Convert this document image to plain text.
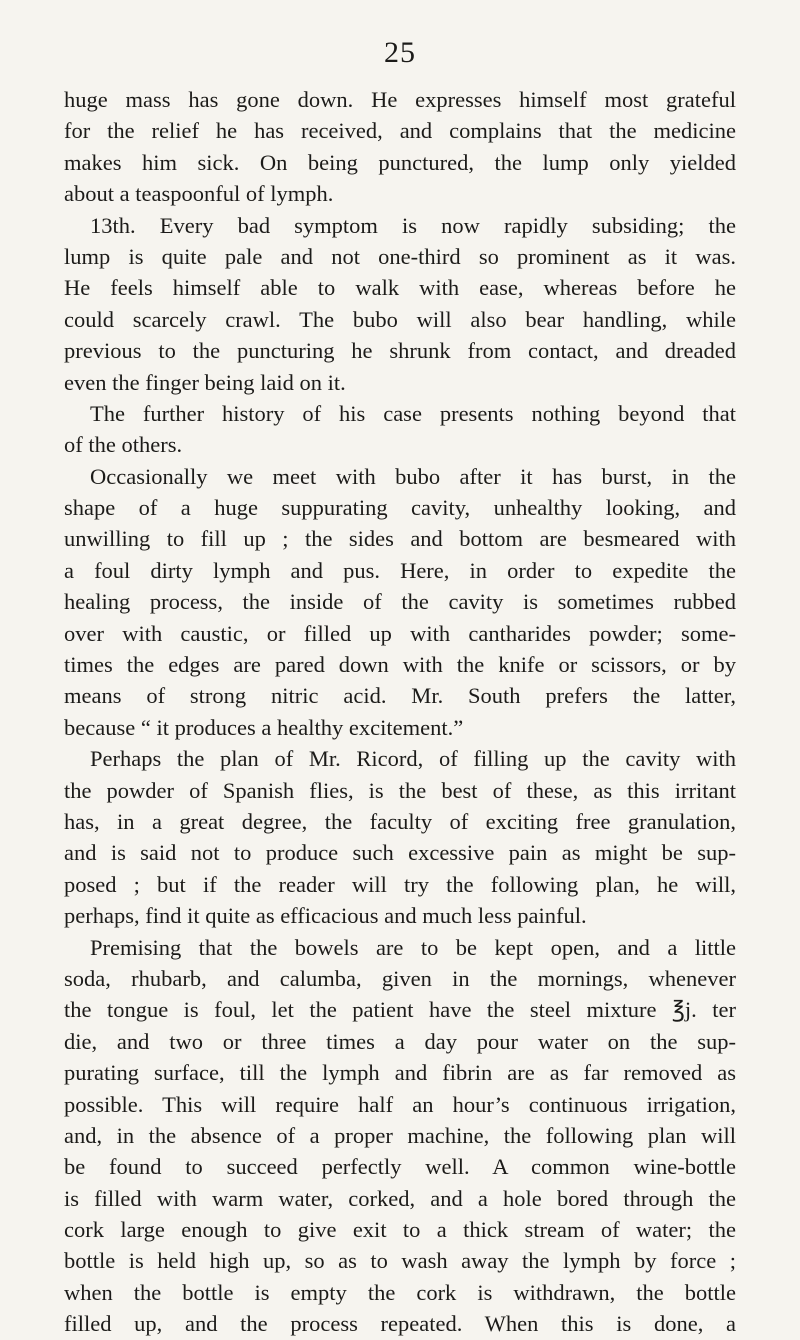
25
huge mass has gone down. He expresses himself most grateful
for the relief he has received, and complains that the medicine
makes him sick. On being punctured, the lump only yielded
about a teaspoonful of lymph.
13th. Every bad symptom is now rapidly subsiding; the
lump is quite pale and not one-third so prominent as it was.
He feels himself able to walk with ease, whereas before he
could scarcely crawl. The bubo will also bear handling, while
previous to the puncturing he shrunk from contact, and dreaded
even the finger being laid on it.
The further history of his case presents nothing beyond that
of the others.
Occasionally we meet with bubo after it has burst, in the
shape of a huge suppurating cavity, unhealthy looking, and
unwilling to fill up ; the sides and bottom are besmeared with
a foul dirty lymph and pus. Here, in order to expedite the
healing process, the inside of the cavity is sometimes rubbed
over with caustic, or filled up with cantharides powder; some-
times the edges are pared down with the knife or scissors, or by
means of strong nitric acid. Mr. South prefers the latter,
because “ it produces a healthy excitement.”
Perhaps the plan of Mr. Ricord, of filling up the cavity with
the powder of Spanish flies, is the best of these, as this irritant
has, in a great degree, the faculty of exciting free granulation,
and is said not to produce such excessive pain as might be sup-
posed ; but if the reader will try the following plan, he will,
perhaps, find it quite as efficacious and much less painful.
Premising that the bowels are to be kept open, and a little
soda, rhubarb, and calumba, given in the mornings, whenever
the tongue is foul, let the patient have the steel mixture ℥j. ter
die, and two or three times a day pour water on the sup-
purating surface, till the lymph and fibrin are as far removed as
possible. This will require half an hour’s continuous irrigation,
and, in the absence of a proper machine, the following plan will
be found to succeed perfectly well. A common wine-bottle
is filled with warm water, corked, and a hole bored through the
cork large enough to give exit to a thick stream of water; the
bottle is held high up, so as to wash away the lymph by force ;
when the bottle is empty the cork is withdrawn, the bottle
filled up, and the process repeated. When this is done, a
